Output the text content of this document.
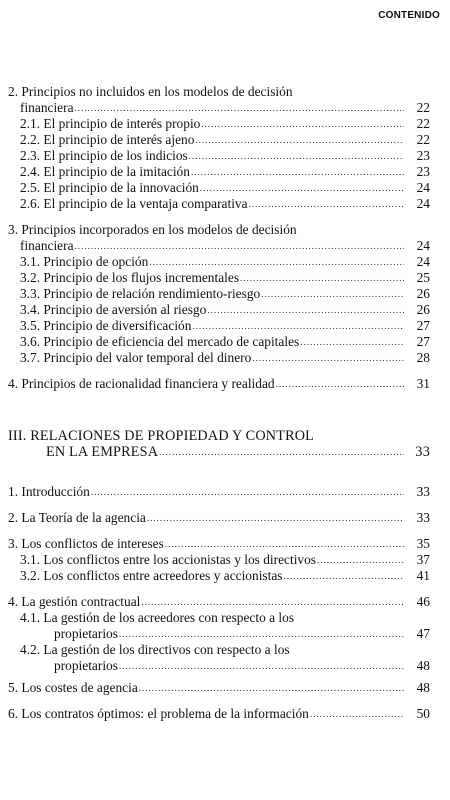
CONTENIDO
2. Principios no incluidos en los modelos de decisión
financiera .....	22
2.1. El principio de interés propio .....	22
2.2. El principio de interés ajeno .....	22
2.3. El principio de los indicios .....	23
2.4. El principio de la imitación .....	23
2.5. El principio de la innovación .....	24
2.6. El principio de la ventaja comparativa .....	24
3. Principios incorporados en los modelos de decisión
financiera .....	24
3.1. Principio de opción .....	24
3.2. Principio de los flujos incrementales .....	25
3.3. Principio de relación rendimiento-riesgo .....	26
3.4. Principio de aversión al riesgo .....	26
3.5. Principio de diversificación .....	27
3.6. Principio de eficiencia del mercado de capitales .....	27
3.7. Principio del valor temporal del dinero .....	28
4. Principios de racionalidad financiera y realidad .....	31
III. RELACIONES DE PROPIEDAD Y CONTROL
EN LA EMPRESA .....	33
1. Introducción .....	33
2. La Teoría de la agencia .....	33
3. Los conflictos de intereses .....	35
3.1. Los conflictos entre los accionistas y los directivos .....	37
3.2. Los conflictos entre acreedores y accionistas .....	41
4. La gestión contractual .....	46
4.1. La gestión de los acreedores con respecto a los
propietarios .....	47
4.2. La gestión de los directivos con respecto a los
propietarios .....	48
5. Los costes de agencia .....	48
6. Los contratos óptimos: el problema de la información .....	50
